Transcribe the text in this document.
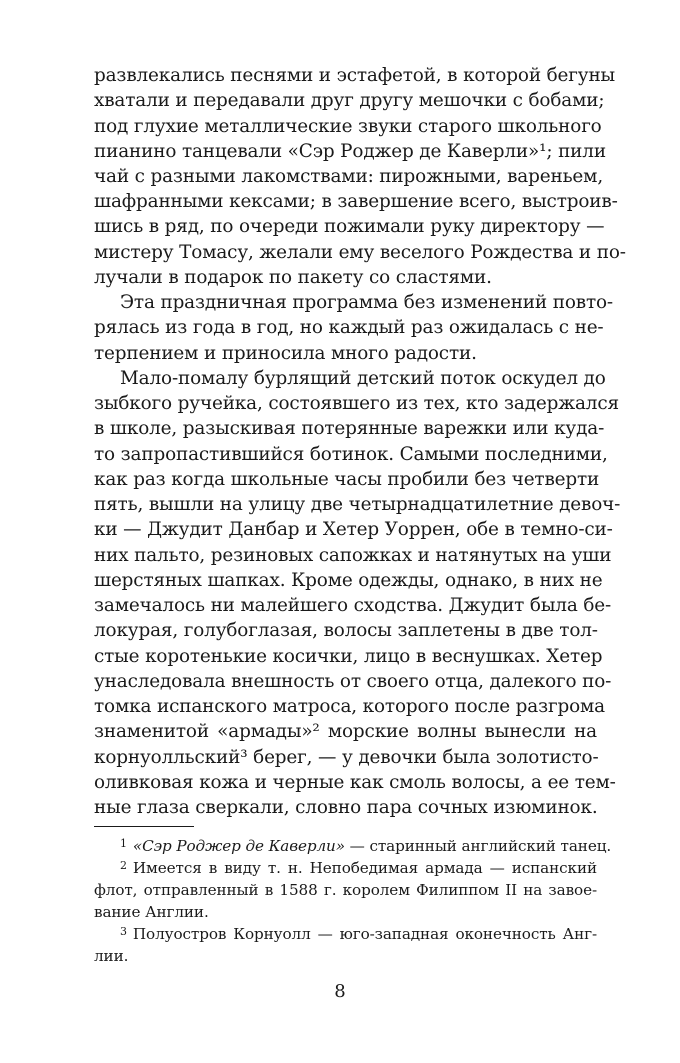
развлекались песнями и эстафетой, в которой бегуны
хватали и передавали друг другу мешочки с бобами;
под глухие металлические звуки старого школьного
пианино танцевали «Сэр Роджер де Каверли»¹; пили
чай с разными лакомствами: пирожными, вареньем,
шафранными кексами; в завершение всего, выстроив-
шись в ряд, по очереди пожимали руку директору —
мистеру Томасу, желали ему веселого Рождества и по-
лучали в подарок по пакету со сластями.
Эта праздничная программа без изменений повто-
рялась из года в год, но каждый раз ожидалась с не-
терпением и приносила много радости.
Мало-помалу бурлящий детский поток оскудел до
зыбкого ручейка, состоявшего из тех, кто задержался
в школе, разыскивая потерянные варежки или куда-
то запропастившийся ботинок. Самыми последними,
как раз когда школьные часы пробили без четверти
пять, вышли на улицу две четырнадцатилетние девоч-
ки — Джудит Данбар и Хетер Уоррен, обе в темно-си-
них пальто, резиновых сапожках и натянутых на уши
шерстяных шапках. Кроме одежды, однако, в них не
замечалось ни малейшего сходства. Джудит была бе-
локурая, голубоглазая, волосы заплетены в две тол-
стые коротенькие косички, лицо в веснушках. Хетер
унаследовала внешность от своего отца, далекого по-
томка испанского матроса, которого после разгрома
знаменитой «армады»² морские волны вынесли на
корнуолльский³ берег, — у девочки была золотисто-
оливковая кожа и черные как смоль волосы, а ее тем-
$^1$ «Сэр Роджер де Каверли» — старинный английский танец.
$^2$ Имеется в виду т. н. Непобедимая армада — испанский
флот, отправленный в 1588 г. королем Филиппом II на завое-
вание Англии.
$^3$ Полуостров Корнуолл — юго-западная оконечность Анг-
лии.
8
ные глаза сверкали, словно пара сочных изюминок.
